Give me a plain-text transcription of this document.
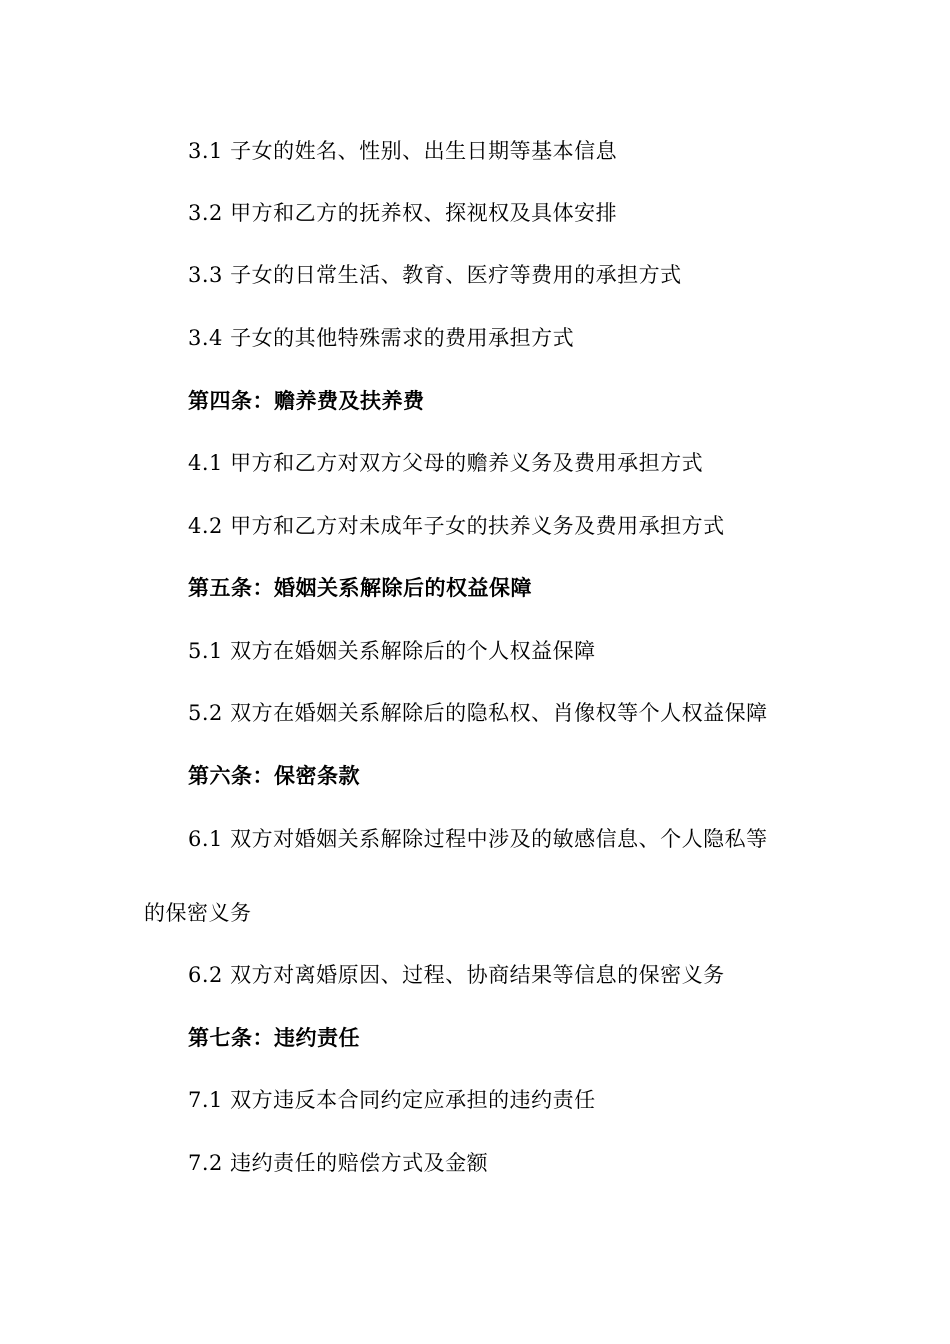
3.1 子女的姓名、性别、出生日期等基本信息
3.2 甲方和乙方的抚养权、探视权及具体安排
3.3 子女的日常生活、教育、医疗等费用的承担方式
3.4 子女的其他特殊需求的费用承担方式
第四条：赡养费及扶养费
4.1 甲方和乙方对双方父母的赡养义务及费用承担方式
4.2 甲方和乙方对未成年子女的扶养义务及费用承担方式
第五条：婚姻关系解除后的权益保障
5.1 双方在婚姻关系解除后的个人权益保障
5.2 双方在婚姻关系解除后的隐私权、肖像权等个人权益保障
第六条：保密条款
6.1 双方对婚姻关系解除过程中涉及的敏感信息、个人隐私等
的保密义务
6.2 双方对离婚原因、过程、协商结果等信息的保密义务
第七条：违约责任
7.1 双方违反本合同约定应承担的违约责任
7.2 违约责任的赔偿方式及金额
